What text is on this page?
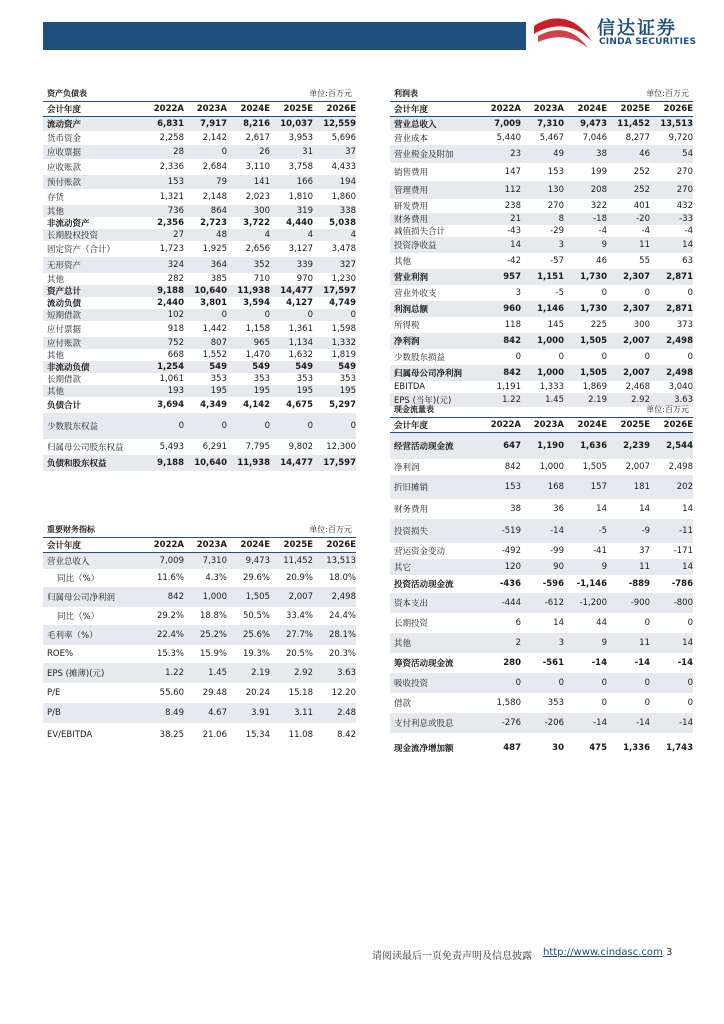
信达证券
CINDA SECURITIES
资产负债表	单位:百万元
会计年度	2022A	2023A	2024E	2025E	2026E
流动资产	6,831	7,917	8,216	10,037	12,559
货币资金	2,258	2,142	2,617	3,953	5,696
应收票据	28	0	26	31	37
应收账款	2,336	2,684	3,110	3,758	4,433
预付账款	153	79	141	166	194
存货	1,321	2,148	2,023	1,810	1,860
其他	736	864	300	319	338
非流动资产	2,356	2,723	3,722	4,440	5,038
长期股权投资	27	48	4	4	4
固定资产（合计）	1,723	1,925	2,656	3,127	3,478
无形资产	324	364	352	339	327
其他	282	385	710	970	1,230
资产总计	9,188	10,640	11,938	14,477	17,597
流动负债	2,440	3,801	3,594	4,127	4,749
短期借款	102	0	0	0	0
应付票据	918	1,442	1,158	1,361	1,598
应付账款	752	807	965	1,134	1,332
其他	668	1,552	1,470	1,632	1,819
非流动负债	1,254	549	549	549	549
长期借款	1,061	353	353	353	353
其他	193	195	195	195	195
负债合计	3,694	4,349	4,142	4,675	5,297
少数股东权益	0	0	0	0	0
归属母公司股东权益	5,493	6,291	7,795	9,802	12,300
负债和股东权益	9,188	10,640	11,938	14,477	17,597
利润表	单位:百万元
会计年度	2022A	2023A	2024E	2025E	2026E
营业总收入	7,009	7,310	9,473	11,452	13,513
营业成本	5,440	5,467	7,046	8,277	9,720
营业税金及附加	23	49	38	46	54
销售费用	147	153	199	252	270
管理费用	112	130	208	252	270
研发费用	238	270	322	401	432
财务费用	21	8	-18	-20	-33
减值损失合计	-43	-29	-4	-4	-4
投资净收益	14	3	9	11	14
其他	-42	-57	46	55	63
营业利润	957	1,151	1,730	2,307	2,871
营业外收支	3	-5	0	0	0
利润总额	960	1,146	1,730	2,307	2,871
所得税	118	145	225	300	373
净利润	842	1,000	1,505	2,007	2,498
少数股东损益	0	0	0	0	0
归属母公司净利润	842	1,000	1,505	2,007	2,498
EBITDA	1,191	1,333	1,869	2,468	3,040
EPS (当年)(元)	1.22	1.45	2.19	2.92	3.63
现金流量表	单位:百万元
会计年度	2022A	2023A	2024E	2025E	2026E
经营活动现金流	647	1,190	1,636	2,239	2,544
净利润	842	1,000	1,505	2,007	2,498
折旧摊销	153	168	157	181	202
财务费用	38	36	14	14	14
投资损失	-519	-14	-5	-9	-11
营运资金变动	-492	-99	-41	37	-171
其它	120	90	9	11	14
投资活动现金流	-436	-596	-1,146	-889	-786
资本支出	-444	-612	-1,200	-900	-800
长期投资	6	14	44	0	0
其他	2	3	9	11	14
筹资活动现金流	280	-561	-14	-14	-14
吸收投资	0	0	0	0	0
借款	1,580	353	0	0	0
支付利息或股息	-276	-206	-14	-14	-14
现金流净增加额	487	30	475	1,336	1,743
重要财务指标	单位:百万元
会计年度	2022A	2023A	2024E	2025E	2026E
营业总收入	7,009	7,310	9,473	11,452	13,513
同比（%）	11.6%	4.3%	29.6%	20.9%	18.0%
归属母公司净利润	842	1,000	1,505	2,007	2,498
同比（%）	29.2%	18.8%	50.5%	33.4%	24.4%
毛利率（%）	22.4%	25.2%	25.6%	27.7%	28.1%
ROE%	15.3%	15.9%	19.3%	20.5%	20.3%
EPS (摊薄)(元)	1.22	1.45	2.19	2.92	3.63
P/E	55.60	29.48	20.24	15.18	12.20
P/B	8.49	4.67	3.91	3.11	2.48
EV/EBITDA	38.25	21.06	15.34	11.08	8.42
请阅读最后一页免责声明及信息披露 http://www.cindasc.com 3
